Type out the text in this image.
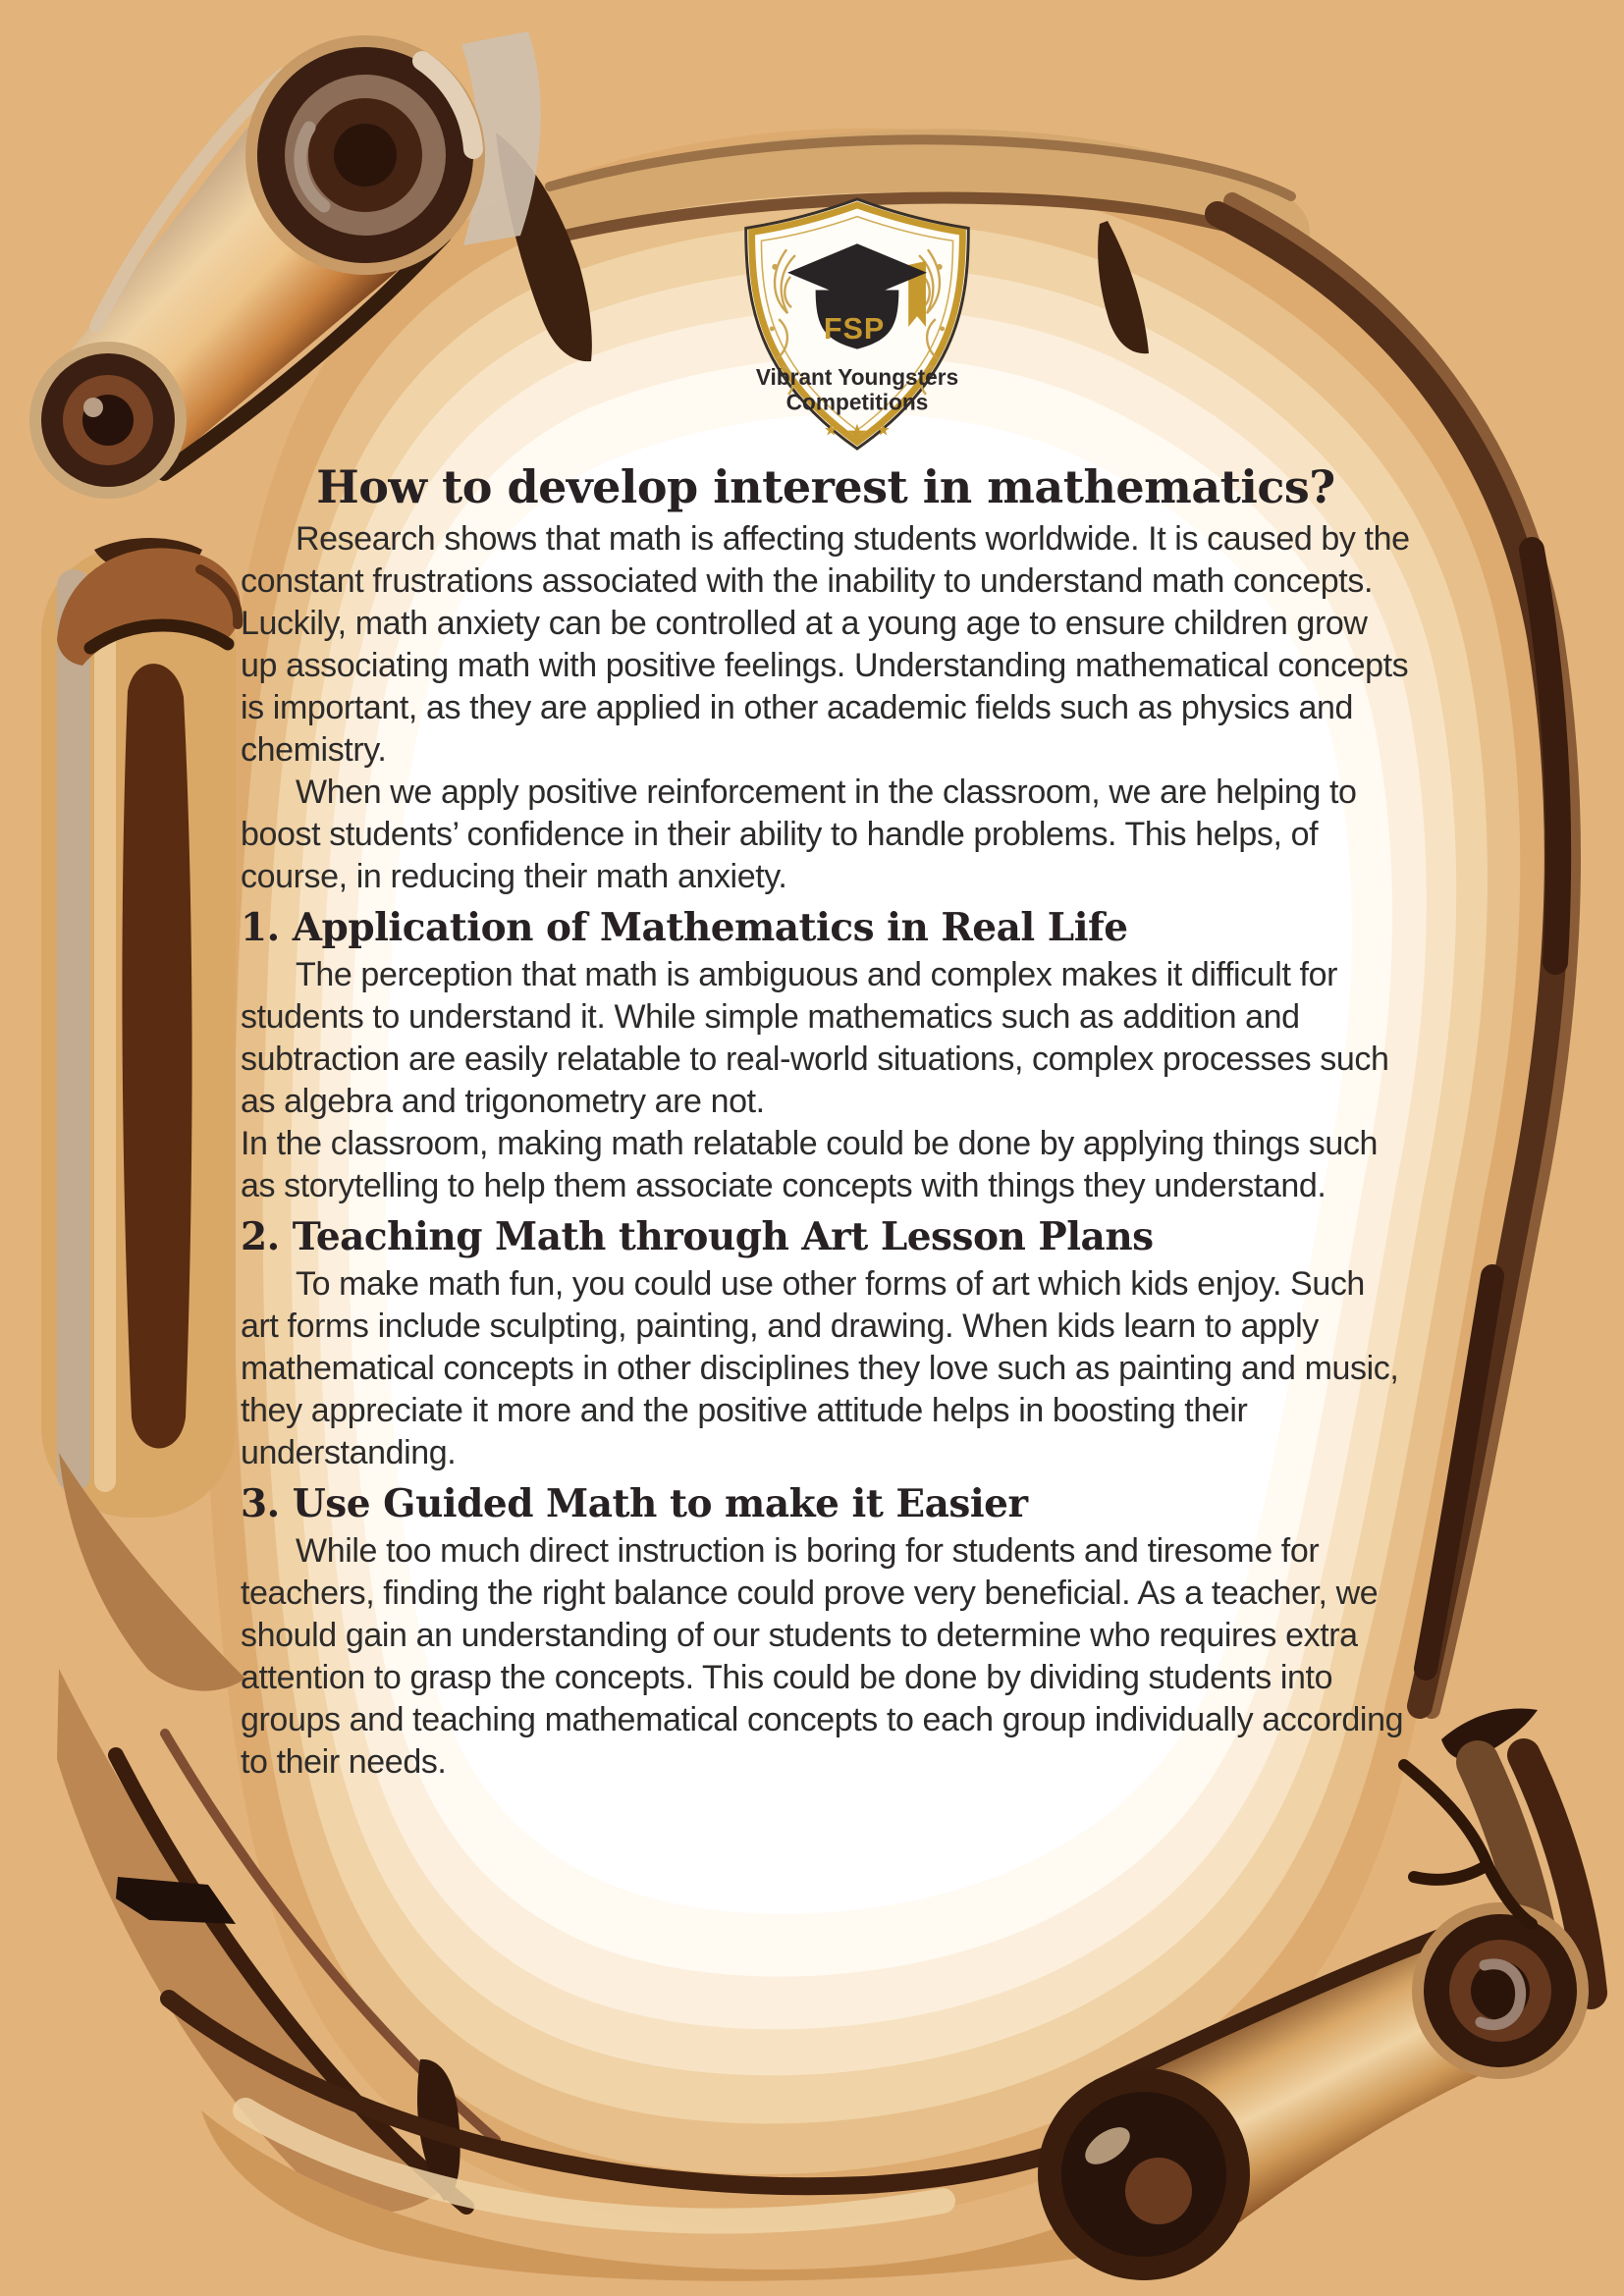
FSP
Vibrant Youngsters
Competitions
★ ★ ★
How to develop interest in mathematics?

Research shows that math is affecting students worldwide. It is caused by the constant frustrations associated with the inability to understand math concepts. Luckily, math anxiety can be controlled at a young age to ensure children grow up associating math with positive feelings. Understanding mathematical concepts is important, as they are applied in other academic fields such as physics and chemistry.

When we apply positive reinforcement in the classroom, we are helping to boost students’ confidence in their ability to handle problems. This helps, of course, in reducing their math anxiety.

1. Application of Mathematics in Real Life

The perception that math is ambiguous and complex makes it difficult for students to understand it. While simple mathematics such as addition and subtraction are easily relatable to real-world situations, complex processes such as algebra and trigonometry are not.

In the classroom, making math relatable could be done by applying things such as storytelling to help them associate concepts with things they understand.

2. Teaching Math through Art Lesson Plans

To make math fun, you could use other forms of art which kids enjoy. Such art forms include sculpting, painting, and drawing. When kids learn to apply mathematical concepts in other disciplines they love such as painting and music, they appreciate it more and the positive attitude helps in boosting their understanding.

3. Use Guided Math to make it Easier

While too much direct instruction is boring for students and tiresome for teachers, finding the right balance could prove very beneficial. As a teacher, we should gain an understanding of our students to determine who requires extra attention to grasp the concepts. This could be done by dividing students into groups and teaching mathematical concepts to each group individually according to their needs.
